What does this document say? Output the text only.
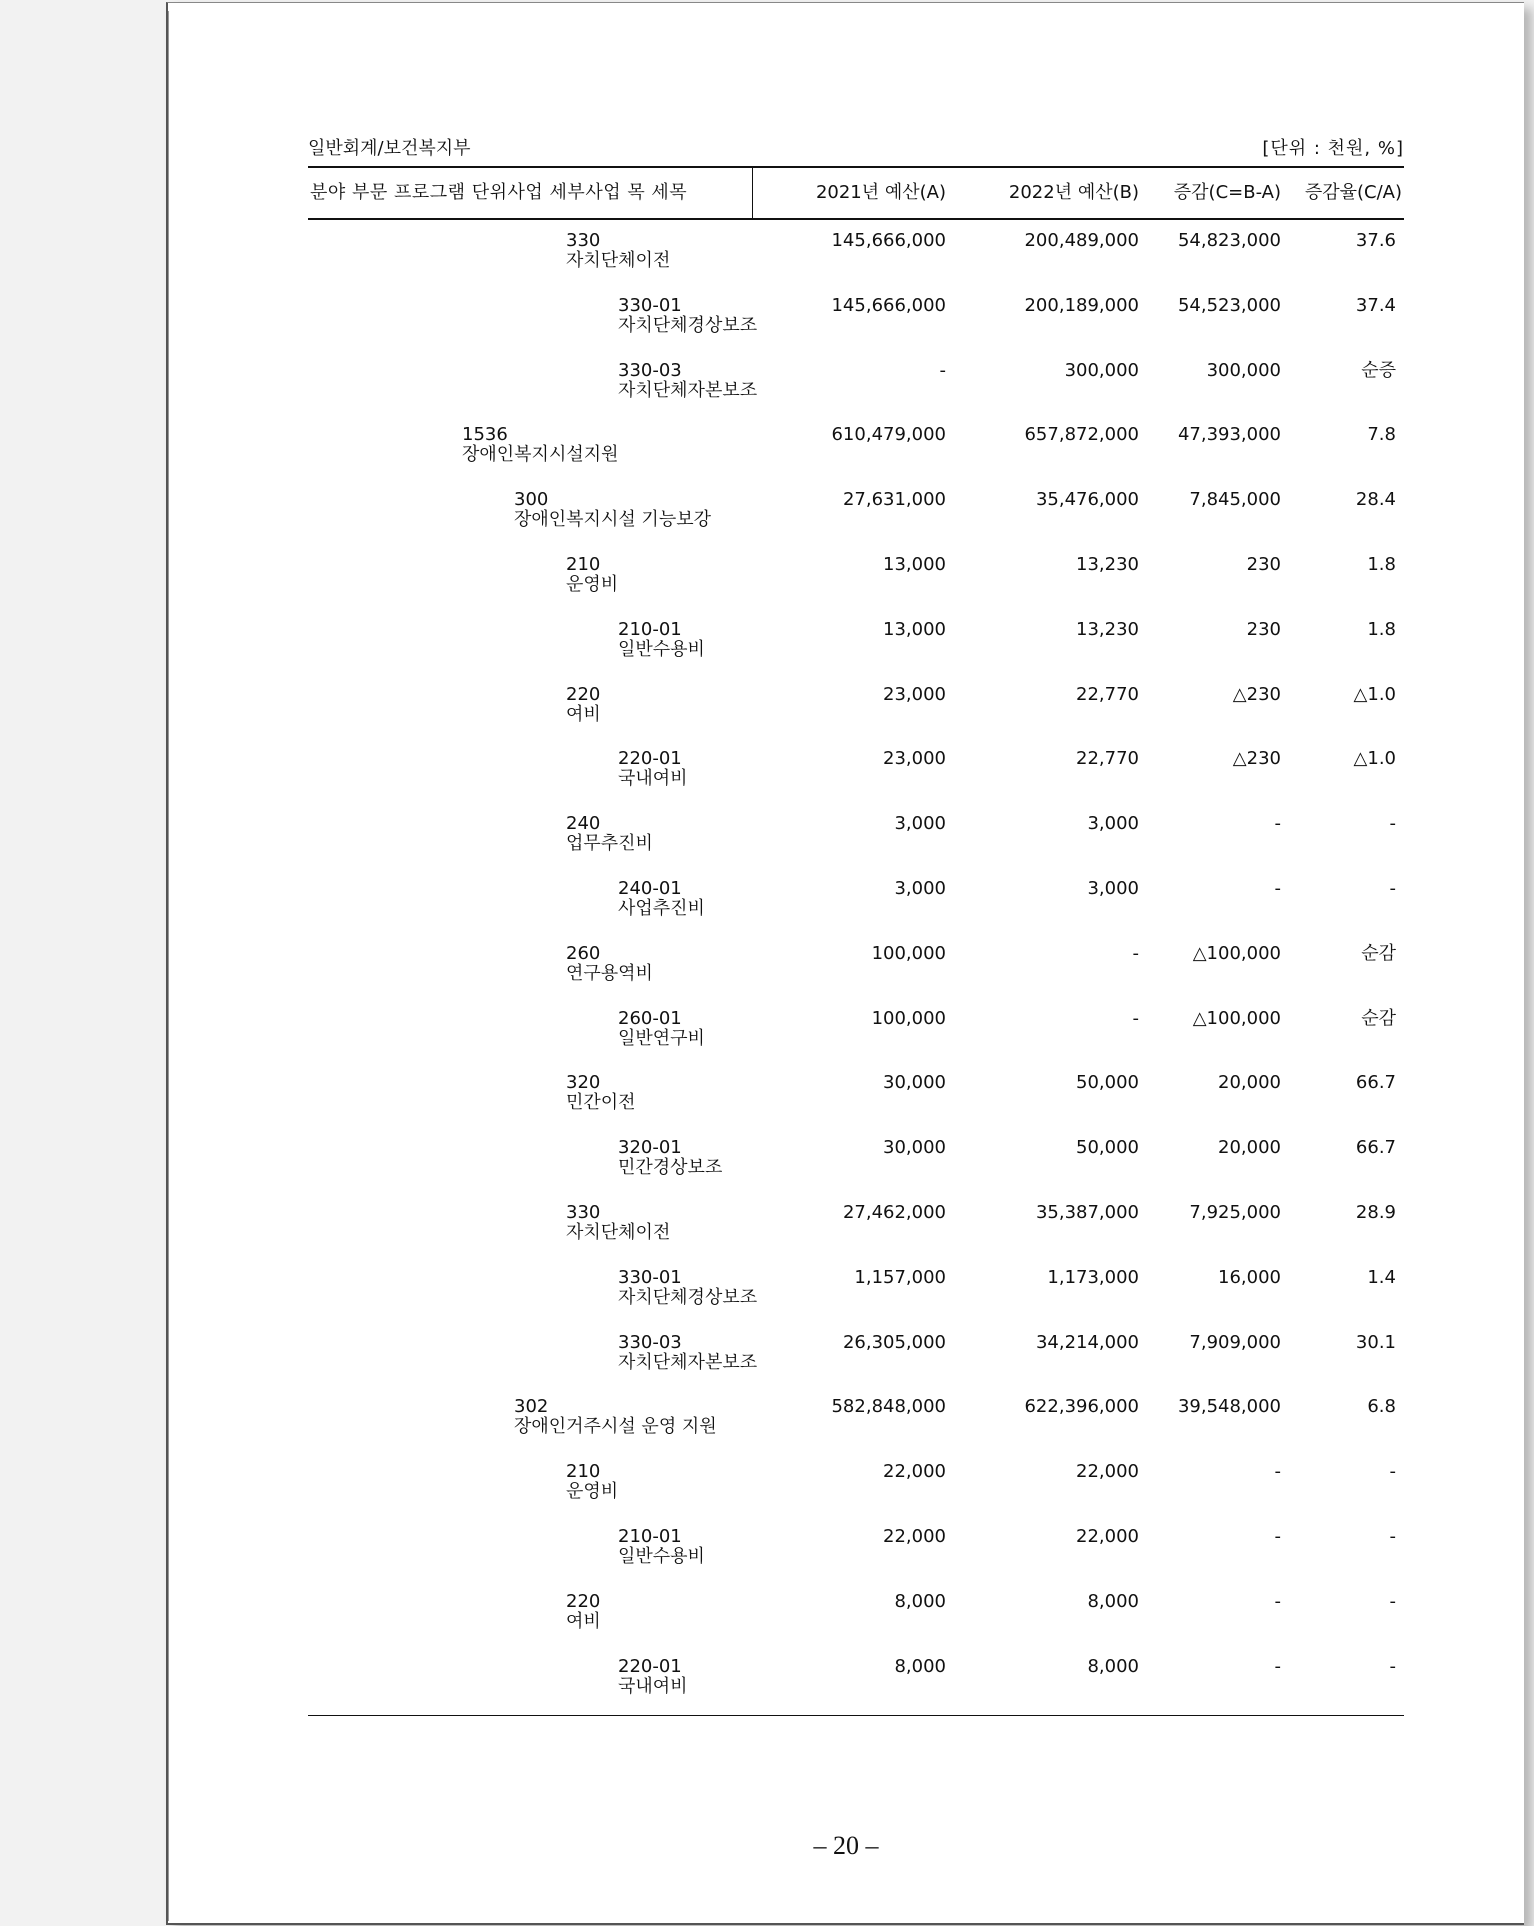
일반회계/보건복지부	[단위 : 천원, %]
분야 부문 프로그램 단위사업 세부사업 목 세목	2021년 예산(A)	2022년 예산(B) 증감(C=B-A) 증감율(C/A)
330
자치단체이전
145,666,000	200,489,000 54,823,000	37.6
330-01
자치단체경상보조
145,666,000	200,189,000 54,523,000	37.4
330-03
자치단체자본보조
-	300,000	300,000	순증
1536
장애인복지시설지원
610,479,000	657,872,000 47,393,000	7.8
300
장애인복지시설 기능보강
27,631,000	35,476,000	7,845,000	28.4
210
운영비
13,000	13,230	230	1.8
210-01
일반수용비
13,000	13,230	230	1.8
220
여비
23,000	22,770	△230	△1.0
220-01
국내여비
23,000	22,770	△230	△1.0
240
업무추진비
3,000	3,000	-	-
240-01
사업추진비
3,000	3,000	-	-
260
연구용역비
100,000	-	△100,000	순감
260-01
일반연구비
100,000	-	△100,000	순감
320
민간이전
30,000	50,000	20,000	66.7
320-01
민간경상보조
30,000	50,000	20,000	66.7
330
자치단체이전
27,462,000	35,387,000	7,925,000	28.9
330-01
자치단체경상보조
1,157,000	1,173,000	16,000	1.4
330-03
자치단체자본보조
26,305,000	34,214,000	7,909,000	30.1
302
장애인거주시설 운영 지원
582,848,000	622,396,000 39,548,000	6.8
210
운영비
22,000	22,000	-	-
210-01
일반수용비
22,000	22,000	-	-
220
여비
8,000	8,000	-	-
220-01
국내여비
8,000	8,000	-	-
– 20 –
